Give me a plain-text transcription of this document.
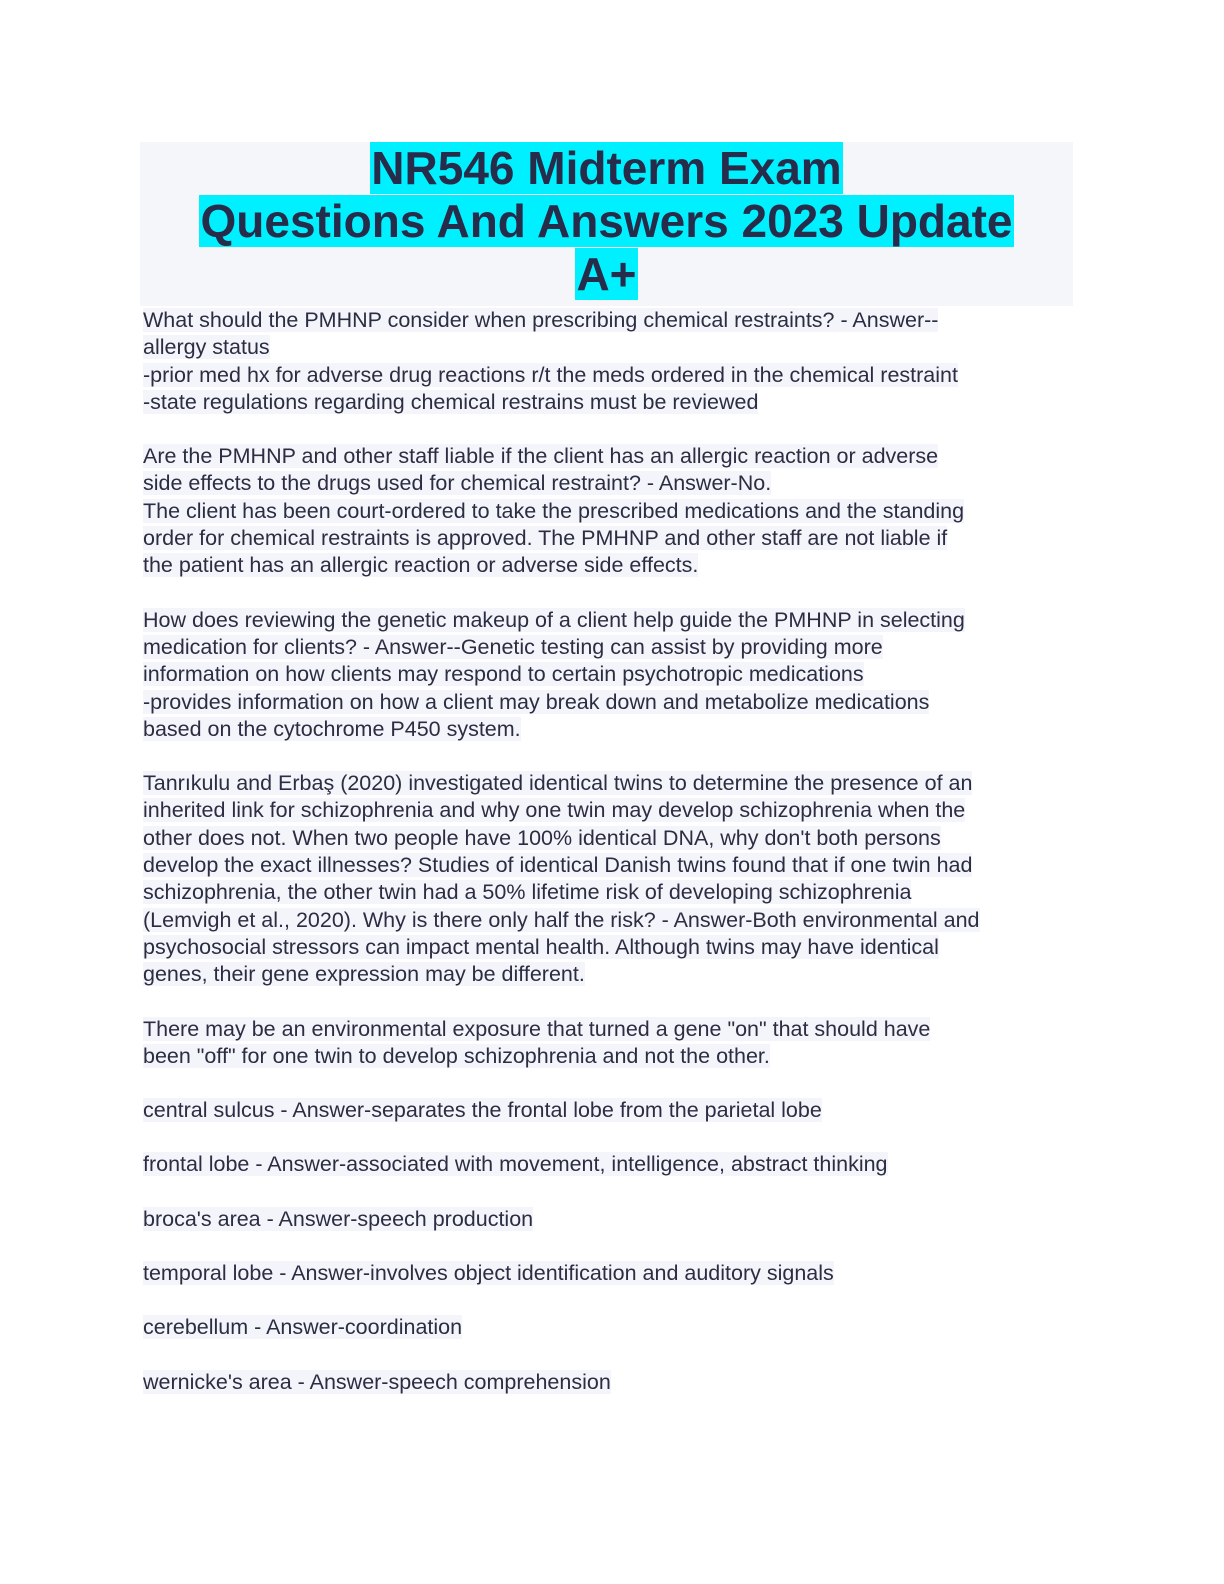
NR546 Midterm Exam
Questions And Answers 2023 Update
A+
What should the PMHNP consider when prescribing chemical restraints? - Answer--
allergy status
-prior med hx for adverse drug reactions r/t the meds ordered in the chemical restraint
-state regulations regarding chemical restrains must be reviewed
Are the PMHNP and other staff liable if the client has an allergic reaction or adverse
side effects to the drugs used for chemical restraint? - Answer-No.
The client has been court-ordered to take the prescribed medications and the standing
order for chemical restraints is approved. The PMHNP and other staff are not liable if
the patient has an allergic reaction or adverse side effects.
How does reviewing the genetic makeup of a client help guide the PMHNP in selecting
medication for clients? - Answer--Genetic testing can assist by providing more
information on how clients may respond to certain psychotropic medications
-provides information on how a client may break down and metabolize medications
based on the cytochrome P450 system.
Tanrıkulu and Erbaş (2020) investigated identical twins to determine the presence of an
inherited link for schizophrenia and why one twin may develop schizophrenia when the
other does not. When two people have 100% identical DNA, why don't both persons
develop the exact illnesses? Studies of identical Danish twins found that if one twin had
schizophrenia, the other twin had a 50% lifetime risk of developing schizophrenia
(Lemvigh et al., 2020). Why is there only half the risk? - Answer-Both environmental and
psychosocial stressors can impact mental health. Although twins may have identical
genes, their gene expression may be different.
There may be an environmental exposure that turned a gene "on" that should have
been "off" for one twin to develop schizophrenia and not the other.
central sulcus - Answer-separates the frontal lobe from the parietal lobe
frontal lobe - Answer-associated with movement, intelligence, abstract thinking
broca's area - Answer-speech production
temporal lobe - Answer-involves object identification and auditory signals
cerebellum - Answer-coordination
wernicke's area - Answer-speech comprehension
